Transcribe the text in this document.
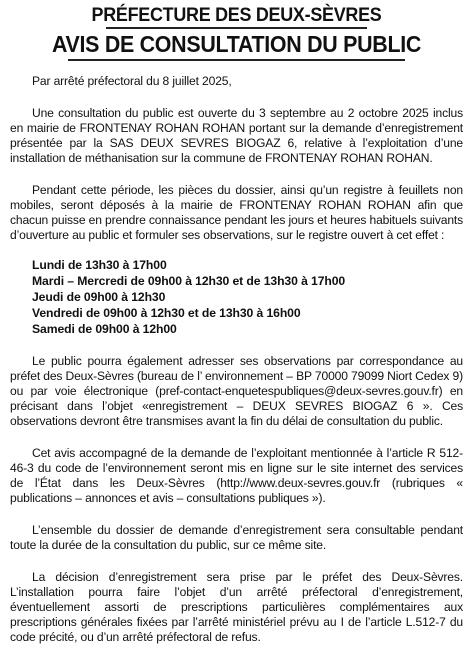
PRÉFECTURE DES DEUX-SÈVRES
AVIS DE CONSULTATION DU PUBLIC

Par arrêté préfectoral du 8 juillet 2025,

Une consultation du public est ouverte du 3 septembre au 2 octobre 2025 inclus en mairie de FRONTENAY ROHAN ROHAN portant sur la demande d’enregistrement présentée par la SAS DEUX SEVRES BIOGAZ 6, relative à l’exploitation d’une installation de méthanisation sur la commune de FRONTENAY ROHAN ROHAN.

Pendant cette période, les pièces du dossier, ainsi qu’un registre à feuillets non mobiles, seront déposés à la mairie de FRONTENAY ROHAN ROHAN afin que chacun puisse en prendre connaissance pendant les jours et heures habituels suivants d’ouverture au public et formuler ses observations, sur le registre ouvert à cet effet :

Lundi de 13h30 à 17h00
Mardi – Mercredi de 09h00 à 12h30 et de 13h30 à 17h00
Jeudi de 09h00 à 12h30
Vendredi de 09h00 à 12h30 et de 13h30 à 16h00
Samedi de 09h00 à 12h00

Le public pourra également adresser ses observations par correspondance au préfet des Deux-Sèvres (bureau de l’ environnement – BP 70000 79099 Niort Cedex 9) ou par voie électronique (pref-contact-enquetespubliques@deux-sevres.gouv.fr) en précisant dans l’objet «enregistrement – DEUX SEVRES BIOGAZ 6 ». Ces observations devront être transmises avant la fin du délai de consultation du public.

Cet avis accompagné de la demande de l’exploitant mentionnée à l’article R 512-46-3 du code de l’environnement seront mis en ligne sur le site internet des services de l’État dans les Deux-Sèvres (http://www.deux-sevres.gouv.fr (rubriques « publications – annonces et avis – consultations publiques »).

L’ensemble du dossier de demande d’enregistrement sera consultable pendant toute la durée de la consultation du public, sur ce même site.

La décision d’enregistrement sera prise par le préfet des Deux-Sèvres. L’installation pourra faire l’objet d’un arrêté préfectoral d’enregistrement, éventuellement assorti de prescriptions particulières complémentaires aux prescriptions générales fixées par l’arrêté ministériel prévu au I de l’article L.512-7 du code précité, ou d’un arrêté préfectoral de refus.
